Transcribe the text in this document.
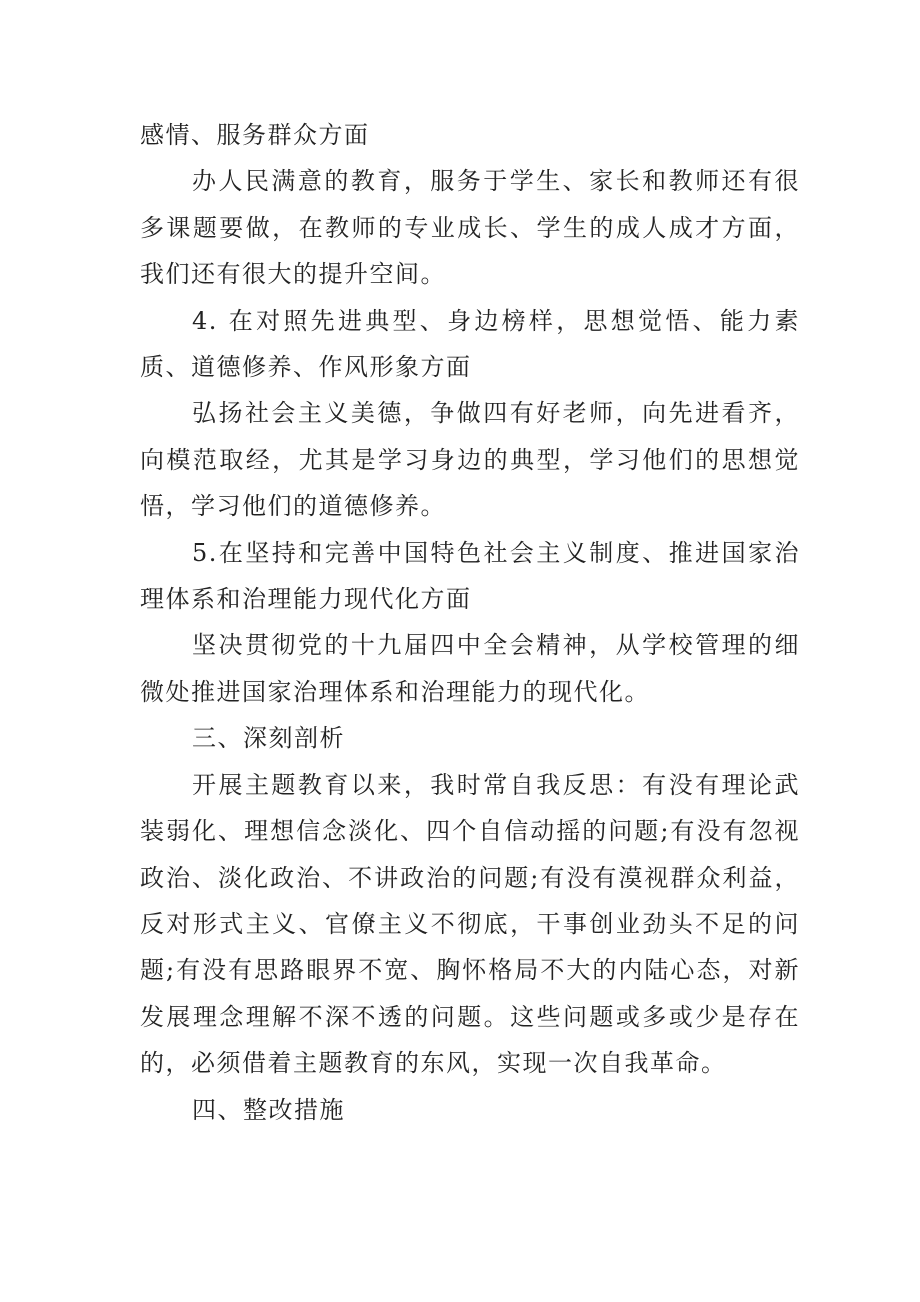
感情、服务群众方面

办人民满意的教育，服务于学生、家长和教师还有很多课题要做，在教师的专业成长、学生的成人成才方面，我们还有很大的提升空间。

4. 在对照先进典型、身边榜样，思想觉悟、能力素质、道德修养、作风形象方面

弘扬社会主义美德，争做四有好老师，向先进看齐，向模范取经，尤其是学习身边的典型，学习他们的思想觉悟，学习他们的道德修养。

5.在坚持和完善中国特色社会主义制度、推进国家治理体系和治理能力现代化方面

坚决贯彻党的十九届四中全会精神，从学校管理的细微处推进国家治理体系和治理能力的现代化。

三、深刻剖析

开展主题教育以来，我时常自我反思：有没有理论武装弱化、理想信念淡化、四个自信动摇的问题;有没有忽视政治、淡化政治、不讲政治的问题;有没有漠视群众利益，反对形式主义、官僚主义不彻底，干事创业劲头不足的问题;有没有思路眼界不宽、胸怀格局不大的内陆心态，对新发展理念理解不深不透的问题。这些问题或多或少是存在的，必须借着主题教育的东风，实现一次自我革命。

四、整改措施
